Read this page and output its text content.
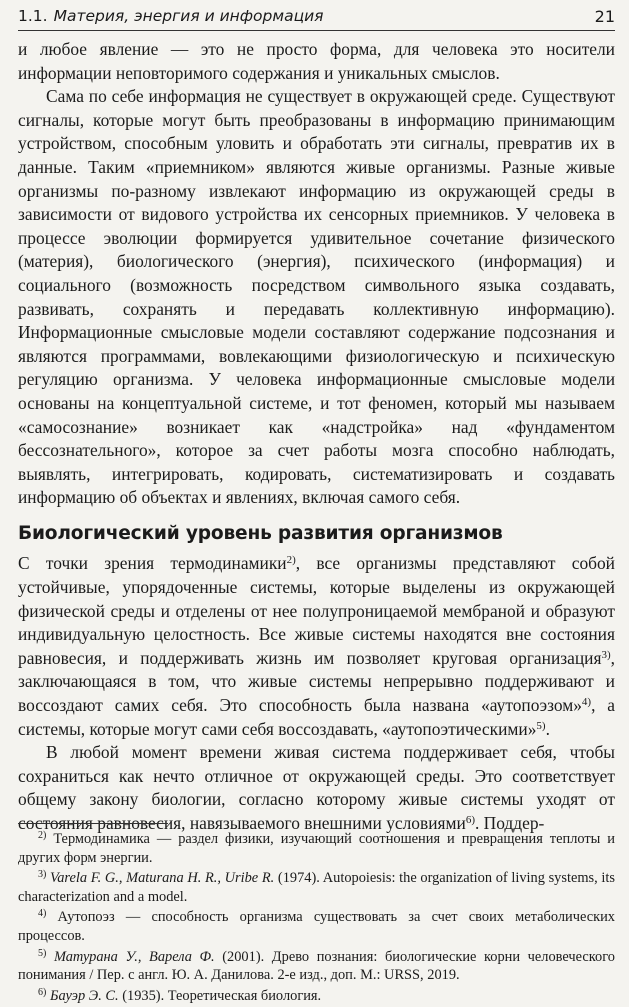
1.1. Материя, энергия и информация	21

и любое явление — это не просто форма, для человека это носители информации неповторимого содержания и уникальных смыслов.

Сама по себе информация не существует в окружающей среде. Существуют сигналы, которые могут быть преобразованы в информацию принимающим устройством, способным уловить и обработать эти сигналы, превратив их в данные. Таким «приемником» являются живые организмы. Разные живые организмы по-разному извлекают информацию из окружающей среды в зависимости от видового устройства их сенсорных приемников. У человека в процессе эволюции формируется удивительное сочетание физического (материя), биологического (энергия), психического (информация) и социального (возможность посредством символьного языка создавать, развивать, сохранять и передавать коллективную информацию). Информационные смысловые модели составляют содержание подсознания и являются программами, вовлекающими физиологическую и психическую регуляцию организма. У человека информационные смысловые модели основаны на концептуальной системе, и тот феномен, который мы называем «самосознание» возникает как «надстройка» над «фундаментом бессознательного», которое за счет работы мозга способно наблюдать, выявлять, интегрировать, кодировать, систематизировать и создавать информацию об объектах и явлениях, включая самого себя.

Биологический уровень развития организмов

С точки зрения термодинамики$^{2)}$, все организмы представляют собой устойчивые, упорядоченные системы, которые выделены из окружающей физической среды и отделены от нее полупроницаемой мембраной и образуют индивидуальную целостность. Все живые системы находятся вне состояния равновесия, и поддерживать жизнь им позволяет круговая организация$^{3)}$, заключающаяся в том, что живые системы непрерывно поддерживают и воссоздают самих себя. Это способность была названа «аутопоэзом»$^{4)}$, а системы, которые могут сами себя воссоздавать, «аутопоэтическими»$^{5)}$.

В любой момент времени живая система поддерживает себя, чтобы сохраниться как нечто отличное от окружающей среды. Это соответствует общему закону биологии, согласно которому живые системы уходят от состояния равновесия, навязываемого внешними условиями$^{6)}$. Поддер-

$^{2)}$ Термодинамика — раздел физики, изучающий соотношения и превращения теплоты и других форм энергии.

$^{3)}$ Varela F. G., Maturana H. R., Uribe R. (1974). Autopoiesis: the organization of living systems, its characterization and a model.

$^{4)}$ Аутопоэз — способность организма существовать за счет своих метаболических процессов.

$^{5)}$ Матурана У., Варела Ф. (2001). Древо познания: биологические корни человеческого понимания / Пер. с англ. Ю. А. Данилова. 2-е изд., доп. М.: URSS, 2019.

$^{6)}$ Бауэр Э. С. (1935). Теоретическая биология.
